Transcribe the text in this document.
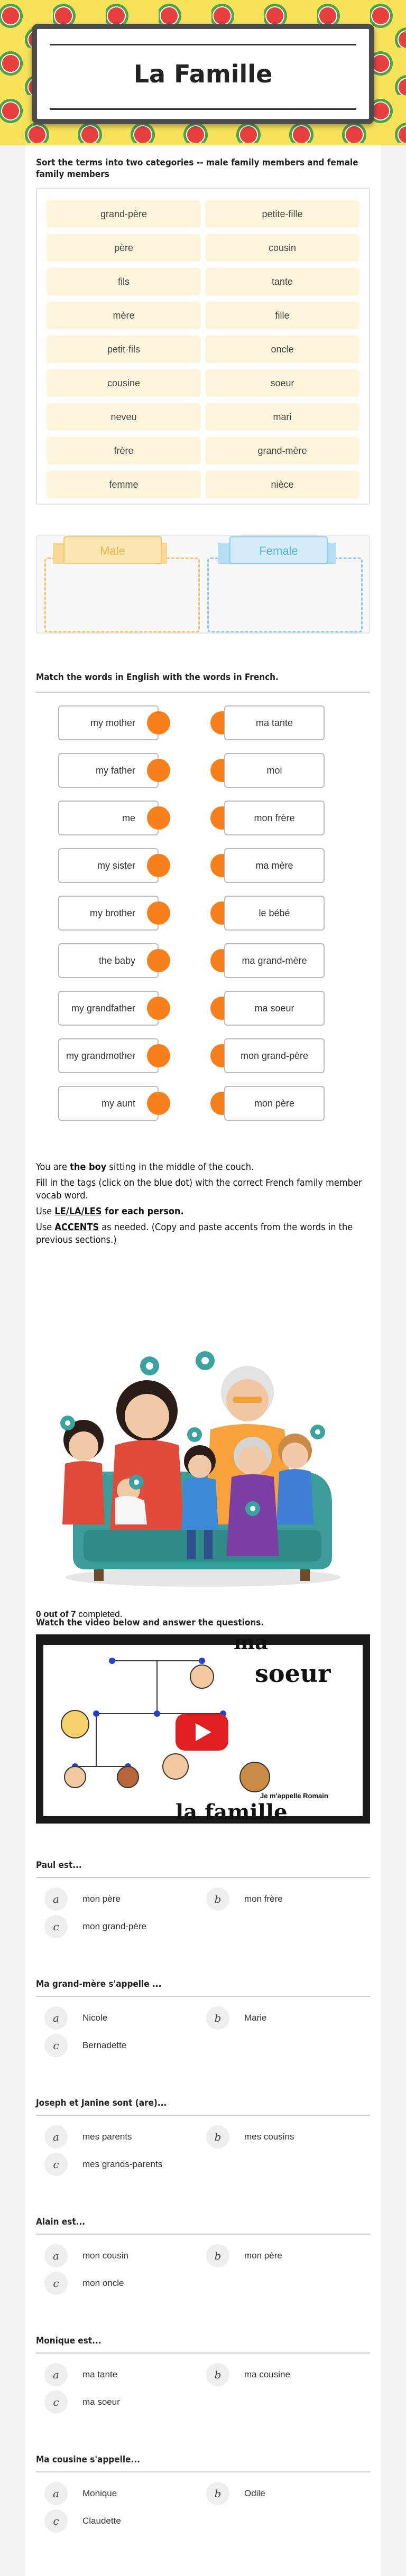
La Famille
Sort the terms into two categories -- male family members and female family members
grand-père	petite-fille
père	cousin
fils	tante
mère	fille
petit-fils	oncle
cousine	soeur
neveu	mari
frère	grand-mère
femme	nièce
Male	Female
Match the words in English with the words in French.
my mother	ma tante
my father	moi
me	mon frère
my sister	ma mère
my brother	le bébé
the baby	ma grand-mère
my grandfather	ma soeur
my grandmother	mon grand-père
my aunt	mon père
You are the boy sitting in the middle of the couch.
Fill in the tags (click on the blue dot) with the correct French family member vocab word.
Use LE/LA/LES for each person.
Use ACCENTS as needed. (Copy and paste accents from the words in the previous sections.)
0 out of 7 completed.
Watch the video below and answer the questions.
ma
soeur
Je m'appelle Romain
la famille
Paul est...
a	mon père	b	mon frère
c	mon grand-père
Ma grand-mère s'appelle ...
a	Nicole	b	Marie
c	Bernadette
Joseph et Janine sont (are)...
a	mes parents	b	mes cousins
c	mes grands-parents
Alain est...
a	mon cousin	b	mon père
c	mon oncle
Monique est...
a	ma tante	b	ma cousine
c	ma soeur
Ma cousine s'appelle...
a	Monique	b	Odile
c	Claudette
